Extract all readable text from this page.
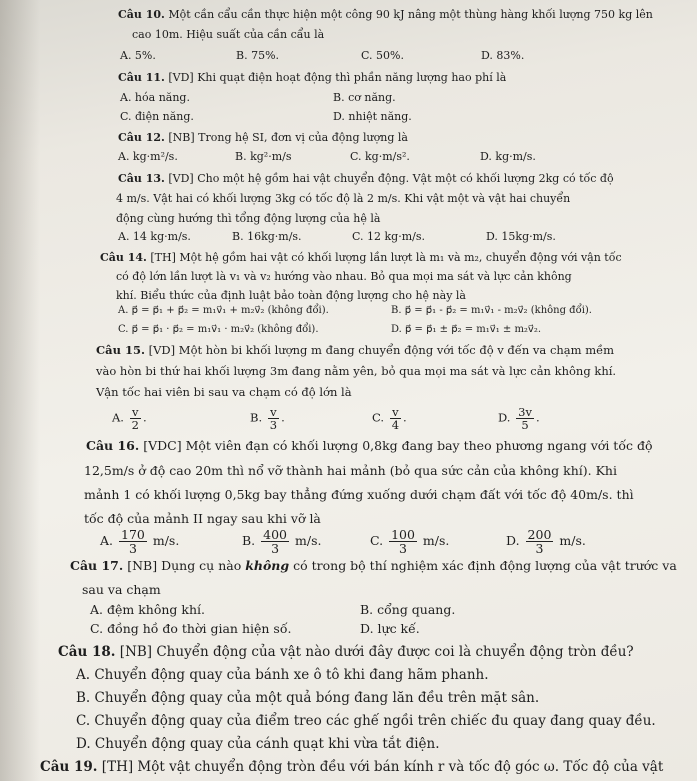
Câu 10. Một cần cẩu cần thực hiện một công 90 kJ nâng một thùng hàng khối lượng 750 kg lên
cao 10m. Hiệu suất của cần cẩu là
A. 5%.	B. 75%.	C. 50%.	D. 83%.
Câu 11. [VD] Khi quạt điện hoạt động thì phần năng lượng hao phí là
A. hóa năng.	B. cơ năng.
C. điện năng.	D. nhiệt năng.
Câu 12. [NB] Trong hệ SI, đơn vị của động lượng là
A. kg·m²/s.	B. kg²·m/s	C. kg·m/s².	D. kg·m/s.
Câu 13. [VD] Cho một hệ gồm hai vật chuyển động. Vật một có khối lượng 2kg có tốc độ
4 m/s. Vật hai có khối lượng 3kg có tốc độ là 2 m/s. Khi vật một và vật hai chuyển
động cùng hướng thì tổng động lượng của hệ là
A. 14 kg·m/s.	B. 16kg·m/s.	C. 12 kg·m/s.	D. 15kg·m/s.
Câu 14. [TH] Một hệ gồm hai vật có khối lượng lần lượt là m₁ và m₂, chuyển động với vận tốc
có độ lớn lần lượt là v₁ và v₂ hướng vào nhau. Bỏ qua mọi ma sát và lực cản không
khí. Biểu thức của định luật bảo toàn động lượng cho hệ này là
A. p⃗ = p⃗₁ + p⃗₂ = m₁v⃗₁ + m₂v⃗₂ (không đổi).	B. p⃗ = p⃗₁ - p⃗₂ = m₁v⃗₁ - m₂v⃗₂ (không đổi).
C. p⃗ = p⃗₁ · p⃗₂ = m₁v⃗₁ · m₂v⃗₂ (không đổi).	D. p⃗ = p⃗₁ ± p⃗₂ = m₁v⃗₁ ± m₂v⃗₂.
Câu 15. [VD] Một hòn bi khối lượng m đang chuyển động với tốc độ v đến va chạm mềm
vào hòn bi thứ hai khối lượng 3m đang nằm yên, bỏ qua mọi ma sát và lực cản không khí.
Vận tốc hai viên bi sau va chạm có độ lớn là
A. $\frac{v}{2}$ .	B. $\frac{v}{3}$ .	C. $\frac{v}{4}$ .	D. $\frac{3v}{5}$ .
Câu 16. [VDC] Một viên đạn có khối lượng 0,8kg đang bay theo phương ngang với tốc độ
12,5m/s ở độ cao 20m thì nổ vỡ thành hai mảnh (bỏ qua sức cản của không khí). Khi
mảnh 1 có khối lượng 0,5kg bay thẳng đứng xuống dưới chạm đất với tốc độ 40m/s. thì
tốc độ của mảnh II ngay sau khi vỡ là
A. $\frac{170}{3} m/s$.	B. $\frac{400}{3} m/s$.	C. $\frac{100}{3} m/s$.	D. $\frac{200}{3} m/s$.
Câu 17. [NB] Dụng cụ nào không có trong bộ thí nghiệm xác định động lượng của vật trước va
sau va chạm
A. đệm không khí.	B. cổng quang.
C. đồng hồ đo thời gian hiện số.	D. lực kế.
Câu 18. [NB] Chuyển động của vật nào dưới đây được coi là chuyển động tròn đều?
A. Chuyển động quay của bánh xe ô tô khi đang hãm phanh.
B. Chuyển động quay của một quả bóng đang lăn đều trên mặt sân.
C. Chuyển động quay của điểm treo các ghế ngồi trên chiếc đu quay đang quay đều.
D. Chuyển động quay của cánh quạt khi vừa tắt điện.
Câu 19. [TH] Một vật chuyển động tròn đều với bán kính r và tốc độ góc ω. Tốc độ của vật
